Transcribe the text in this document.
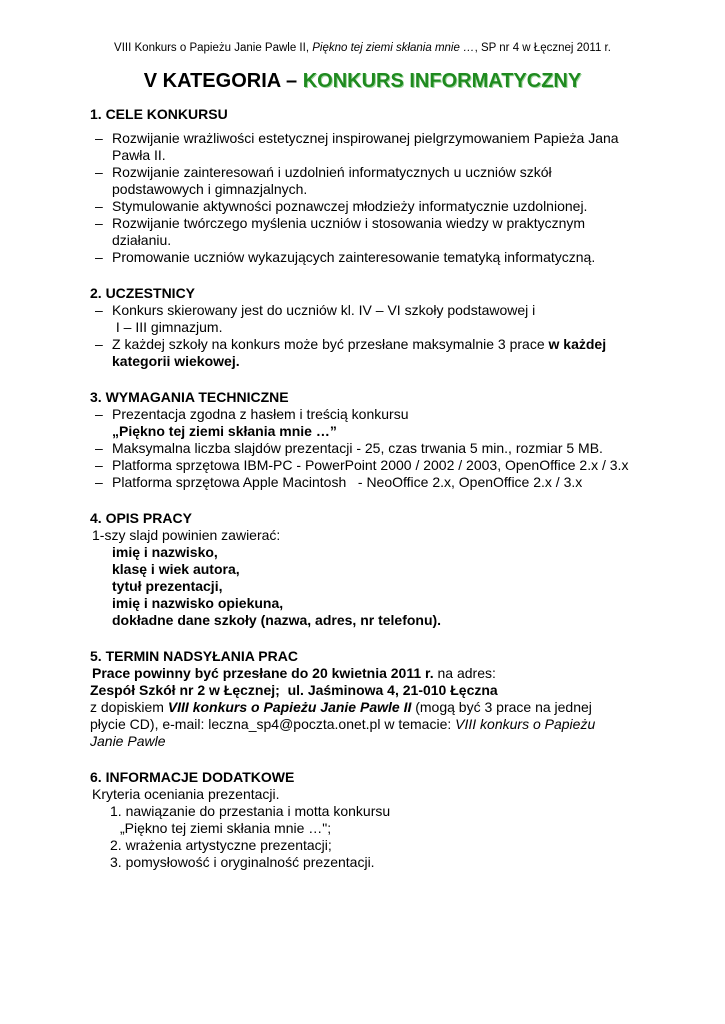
VIII Konkurs o Papieżu Janie Pawle II, Piękno tej ziemi skłania mnie …, SP nr 4 w Łęcznej 2011 r.
V KATEGORIA – KONKURS INFORMATYCZNY
1. CELE KONKURSU
– Rozwijanie wrażliwości estetycznej inspirowanej pielgrzymowaniem Papieża Jana
Pawła II.
– Rozwijanie zainteresowań i uzdolnień informatycznych u uczniów szkół
podstawowych i gimnazjalnych.
– Stymulowanie aktywności poznawczej młodzieży informatycznie uzdolnionej.
– Rozwijanie twórczego myślenia uczniów i stosowania wiedzy w praktycznym
działaniu.
– Promowanie uczniów wykazujących zainteresowanie tematyką informatyczną.
2. UCZESTNICY
– Konkurs skierowany jest do uczniów kl. IV – VI szkoły podstawowej i
I – III gimnazjum.
– Z każdej szkoły na konkurs może być przesłane maksymalnie 3 prace w każdej
kategorii wiekowej.
3. WYMAGANIA TECHNICZNE
– Prezentacja zgodna z hasłem i treścią konkursu
„Piękno tej ziemi skłania mnie …”
– Maksymalna liczba slajdów prezentacji - 25, czas trwania 5 min., rozmiar 5 MB.
– Platforma sprzętowa IBM-PC - PowerPoint 2000 / 2002 / 2003, OpenOffice 2.x / 3.x
– Platforma sprzętowa Apple Macintosh   - NeoOffice 2.x, OpenOffice 2.x / 3.x
4. OPIS PRACY
1-szy slajd powinien zawierać:
imię i nazwisko,
klasę i wiek autora,
tytuł prezentacji,
imię i nazwisko opiekuna,
dokładne dane szkoły (nazwa, adres, nr telefonu).
5. TERMIN NADSYŁANIA PRAC
Prace powinny być przesłane do 20 kwietnia 2011 r. na adres:
Zespół Szkół nr 2 w Łęcznej;  ul. Jaśminowa 4, 21-010 Łęczna
z dopiskiem VIII konkurs o Papieżu Janie Pawle II (mogą być 3 prace na jednej
płycie CD), e-mail: leczna_sp4@poczta.onet.pl w temacie: VIII konkurs o Papieżu
Janie Pawle
6. INFORMACJE DODATKOWE
Kryteria oceniania prezentacji.
1. nawiązanie do przestania i motta konkursu
„Piękno tej ziemi skłania mnie …";
2. wrażenia artystyczne prezentacji;
3. pomysłowość i oryginalność prezentacji.
